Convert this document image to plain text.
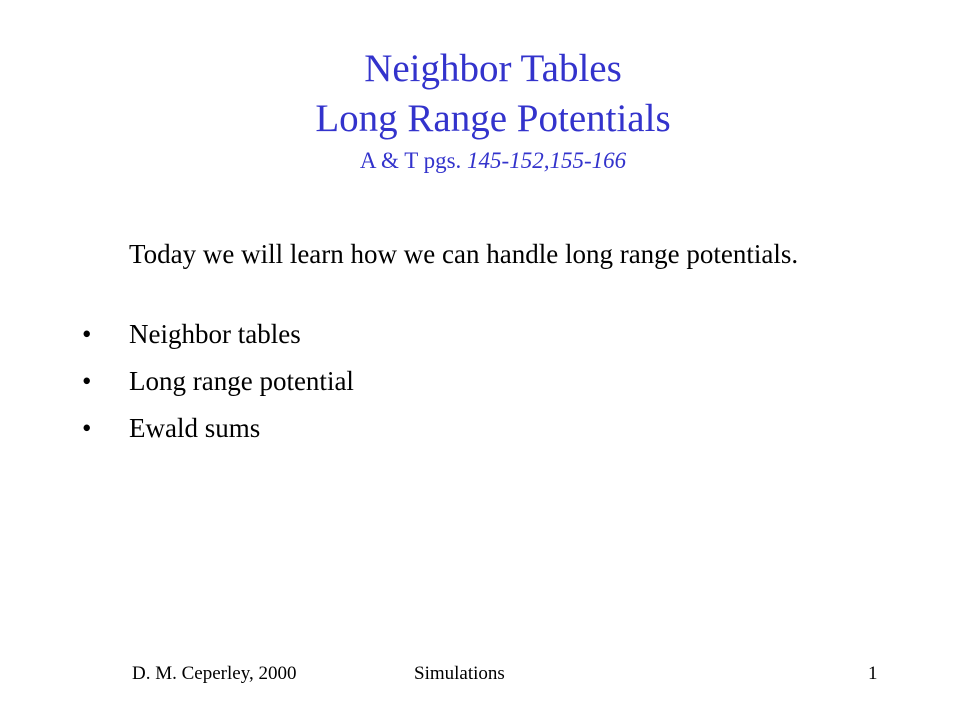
Neighbor Tables
Long Range Potentials
A & T pgs. 145-152,155-166
Today we will learn how we can handle long range potentials.
• Neighbor tables
• Long range potential
• Ewald sums
D. M. Ceperley, 2000	Simulations	1
